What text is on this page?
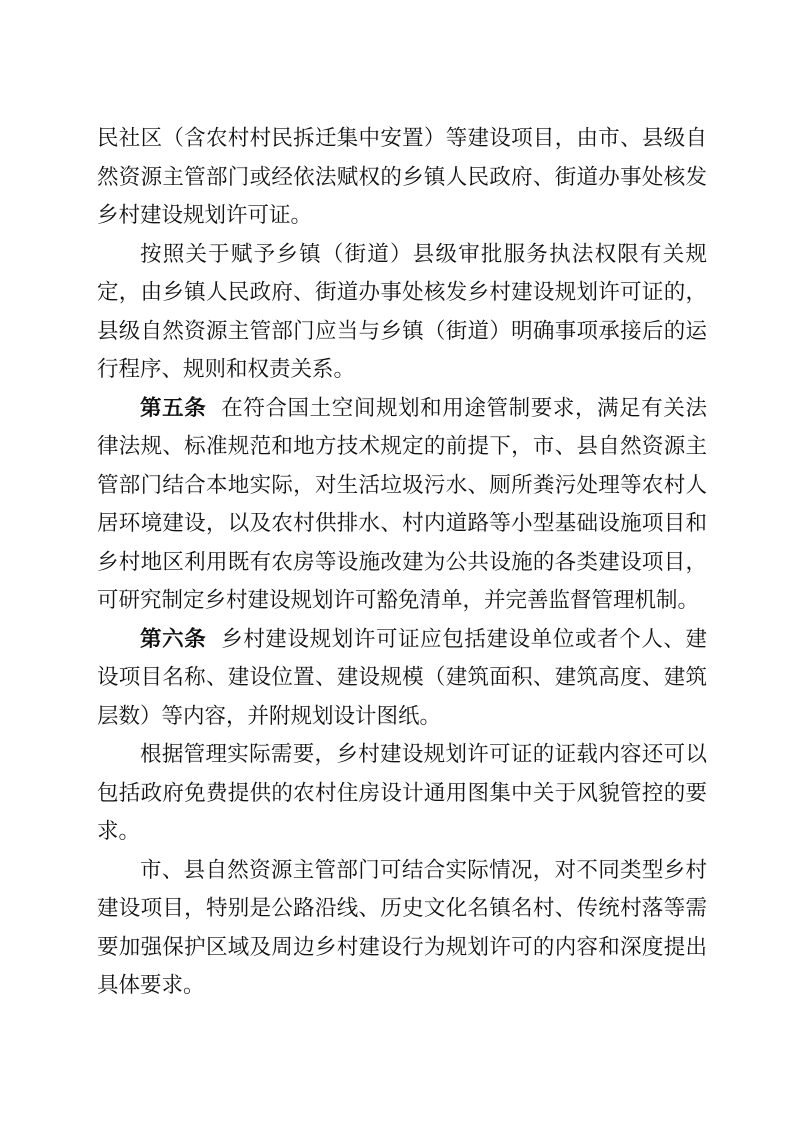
民社区（含农村村民拆迁集中安置）等建设项目，由市、县级自然资源主管部门或经依法赋权的乡镇人民政府、街道办事处核发乡村建设规划许可证。

按照关于赋予乡镇（街道）县级审批服务执法权限有关规定，由乡镇人民政府、街道办事处核发乡村建设规划许可证的，县级自然资源主管部门应当与乡镇（街道）明确事项承接后的运行程序、规则和权责关系。

第五条  在符合国土空间规划和用途管制要求，满足有关法律法规、标准规范和地方技术规定的前提下，市、县自然资源主管部门结合本地实际，对生活垃圾污水、厕所粪污处理等农村人居环境建设，以及农村供排水、村内道路等小型基础设施项目和乡村地区利用既有农房等设施改建为公共设施的各类建设项目，可研究制定乡村建设规划许可豁免清单，并完善监督管理机制。

第六条  乡村建设规划许可证应包括建设单位或者个人、建设项目名称、建设位置、建设规模（建筑面积、建筑高度、建筑层数）等内容，并附规划设计图纸。

根据管理实际需要，乡村建设规划许可证的证载内容还可以包括政府免费提供的农村住房设计通用图集中关于风貌管控的要求。

市、县自然资源主管部门可结合实际情况，对不同类型乡村建设项目，特别是公路沿线、历史文化名镇名村、传统村落等需要加强保护区域及周边乡村建设行为规划许可的内容和深度提出具体要求。
